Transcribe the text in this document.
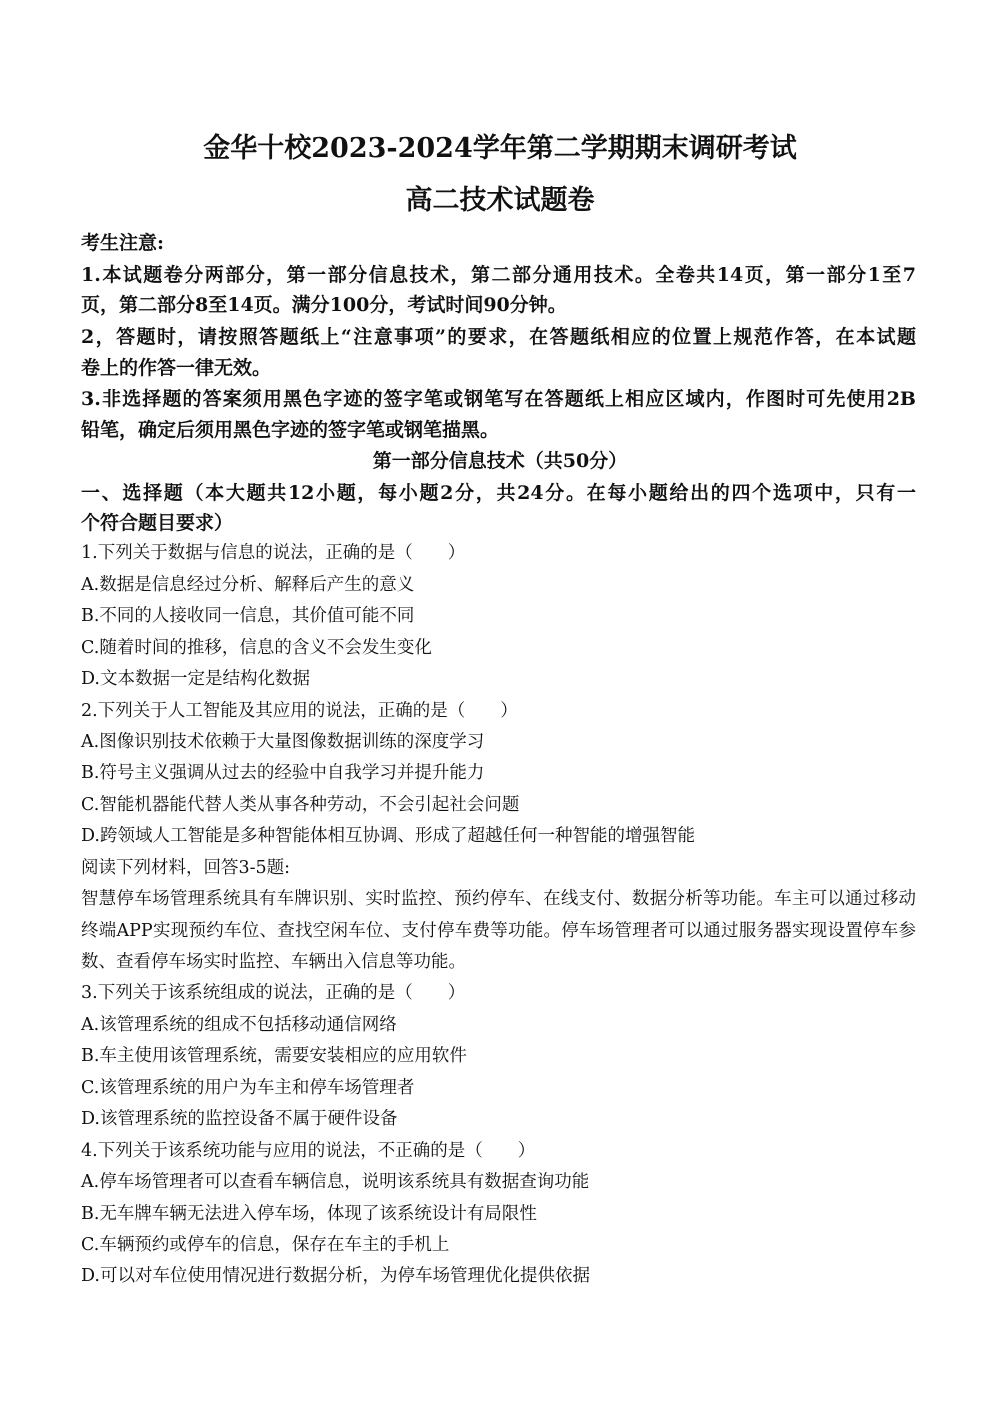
金华十校2023-2024学年第二学期期末调研考试
高二技术试题卷
考生注意:
1.本试题卷分两部分，第一部分信息技术，第二部分通用技术。全卷共14页，第一部分1至7
页，第二部分8至14页。满分100分，考试时间90分钟。
2，答题时，请按照答题纸上“注意事项”的要求，在答题纸相应的位置上规范作答，在本试题
卷上的作答一律无效。
3.非选择题的答案须用黑色字迹的签字笔或钢笔写在答题纸上相应区域内，作图时可先使用2B
铅笔，确定后须用黑色字迹的签字笔或钢笔描黑。
第一部分信息技术（共50分）
一、选择题（本大题共12小题，每小题2分，共24分。在每小题给出的四个选项中，只有一
个符合题目要求）
1.下列关于数据与信息的说法，正确的是（　　）
A.数据是信息经过分析、解释后产生的意义
B.不同的人接收同一信息，其价值可能不同
C.随着时间的推移，信息的含义不会发生变化
D.文本数据一定是结构化数据
2.下列关于人工智能及其应用的说法，正确的是（　　）
A.图像识别技术依赖于大量图像数据训练的深度学习
B.符号主义强调从过去的经验中自我学习并提升能力
C.智能机器能代替人类从事各种劳动，不会引起社会问题
D.跨领域人工智能是多种智能体相互协调、形成了超越任何一种智能的增强智能
阅读下列材料，回答3-5题:
智慧停车场管理系统具有车牌识别、实时监控、预约停车、在线支付、数据分析等功能。车主可以通过移动
终端APP实现预约车位、查找空闲车位、支付停车费等功能。停车场管理者可以通过服务器实现设置停车参
数、查看停车场实时监控、车辆出入信息等功能。
3.下列关于该系统组成的说法，正确的是（　　）
A.该管理系统的组成不包括移动通信网络
B.车主使用该管理系统，需要安装相应的应用软件
C.该管理系统的用户为车主和停车场管理者
D.该管理系统的监控设备不属于硬件设备
4.下列关于该系统功能与应用的说法，不正确的是（　　）
A.停车场管理者可以查看车辆信息，说明该系统具有数据查询功能
B.无车牌车辆无法进入停车场，体现了该系统设计有局限性
C.车辆预约或停车的信息，保存在车主的手机上
D.可以对车位使用情况进行数据分析，为停车场管理优化提供依据
